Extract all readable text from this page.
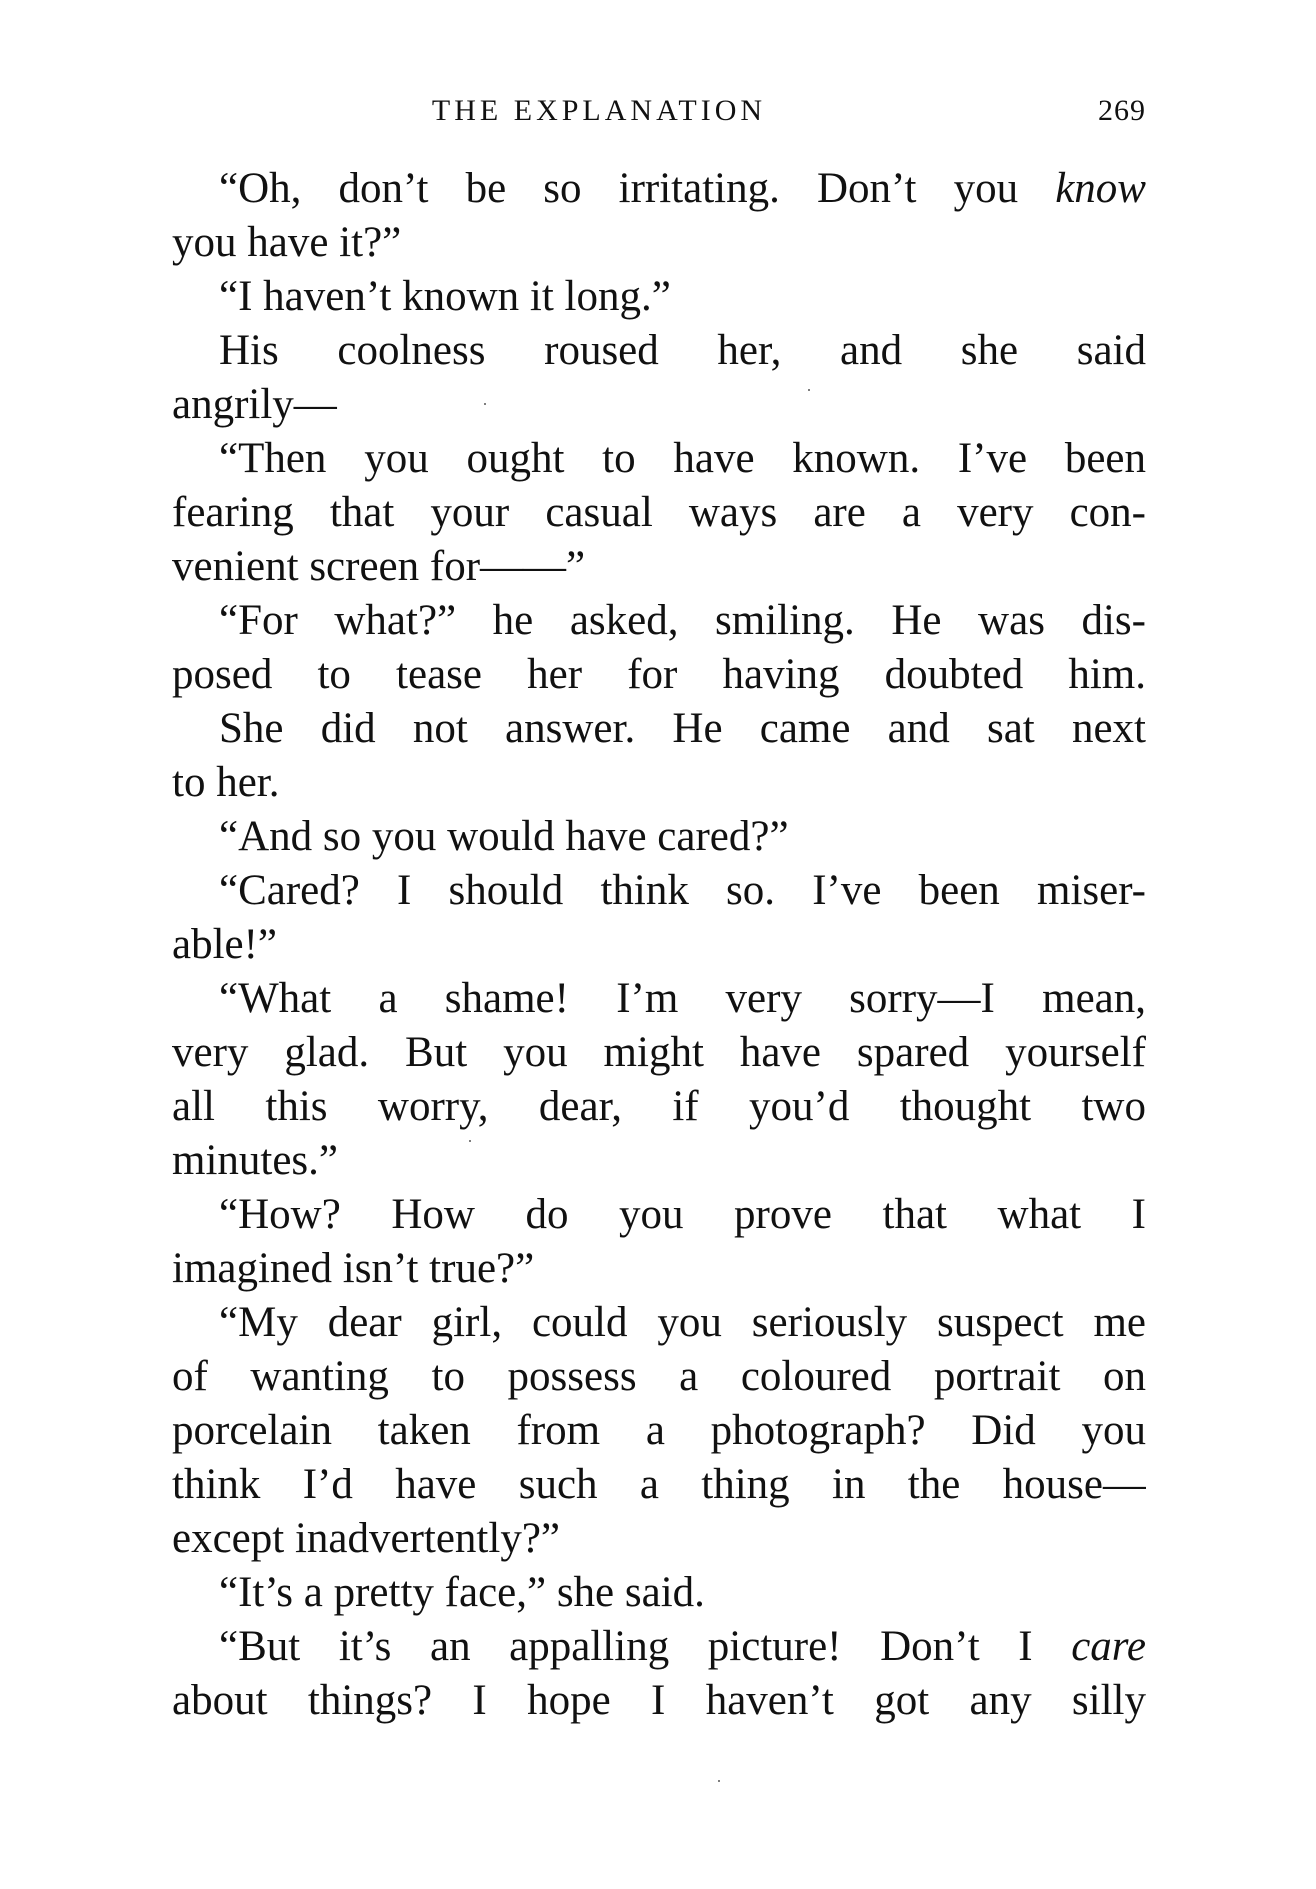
THE EXPLANATION	269
“Oh, don’t be so irritating. Don’t you know
you have it?”
“I haven’t known it long.”
His coolness roused her, and she said
angrily—
“Then you ought to have known. I’ve been
fearing that your casual ways are a very con-
venient screen for——”
“For what?” he asked, smiling. He was dis-
posed to tease her for having doubted him.
She did not answer. He came and sat next
to her.
“And so you would have cared?”
“Cared? I should think so. I’ve been miser-
able!”
“What a shame! I’m very sorry—I mean,
very glad. But you might have spared yourself
all this worry, dear, if you’d thought two
minutes.”
“How? How do you prove that what I
imagined isn’t true?”
“My dear girl, could you seriously suspect me
of wanting to possess a coloured portrait on
porcelain taken from a photograph? Did you
think I’d have such a thing in the house—
except inadvertently?”
“It’s a pretty face,” she said.
“But it’s an appalling picture! Don’t I care
about things? I hope I haven’t got any silly
